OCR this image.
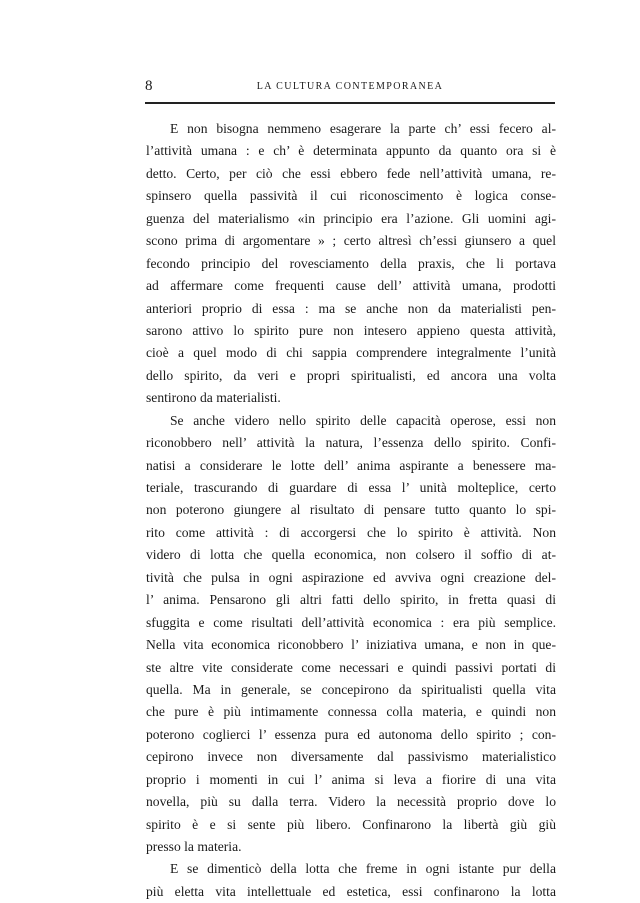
8	LA CULTURA CONTEMPORANEA
E non bisogna nemmeno esagerare la parte ch’ essi fecero al-
l’attività umana : e ch’ è determinata appunto da quanto ora si è
detto. Certo, per ciò che essi ebbero fede nell’attività umana, re-
spinsero quella passività il cui riconoscimento è logica conse-
guenza del materialismo «in principio era l’azione. Gli uomini agi-
scono prima di argomentare » ; certo altresì ch’essi giunsero a quel
fecondo principio del rovesciamento della praxis, che li portava
ad affermare come frequenti cause dell’ attività umana, prodotti
anteriori proprio di essa : ma se anche non da materialisti pen-
sarono attivo lo spirito pure non intesero appieno questa attività,
cioè a quel modo di chi sappia comprendere integralmente l’unità
dello spirito, da veri e propri spiritualisti, ed ancora una volta
sentirono da materialisti.
Se anche videro nello spirito delle capacità operose, essi non
riconobbero nell’ attività la natura, l’essenza dello spirito. Confi-
natisi a considerare le lotte dell’ anima aspirante a benessere ma-
teriale, trascurando di guardare di essa l’ unità molteplice, certo
non poterono giungere al risultato di pensare tutto quanto lo spi-
rito come attività : di accorgersi che lo spirito è attività. Non
videro di lotta che quella economica, non colsero il soffio di at-
tività che pulsa in ogni aspirazione ed avviva ogni creazione del-
l’ anima. Pensarono gli altri fatti dello spirito, in fretta quasi di
sfuggita e come risultati dell’attività economica : era più semplice.
Nella vita economica riconobbero l’ iniziativa umana, e non in que-
ste altre vite considerate come necessari e quindi passivi portati di
quella. Ma in generale, se concepirono da spiritualisti quella vita
che pure è più intimamente connessa colla materia, e quindi non
poterono coglierci l’ essenza pura ed autonoma dello spirito ; con-
cepirono invece non diversamente dal passivismo materialistico
proprio i momenti in cui l’ anima si leva a fiorire di una vita
novella, più su dalla terra. Videro la necessità proprio dove lo
spirito è e si sente più libero. Confinarono la libertà giù giù
presso la materia.
E se dimenticò della lotta che freme in ogni istante pur della
più eletta vita intellettuale ed estetica, essi confinarono la lotta
